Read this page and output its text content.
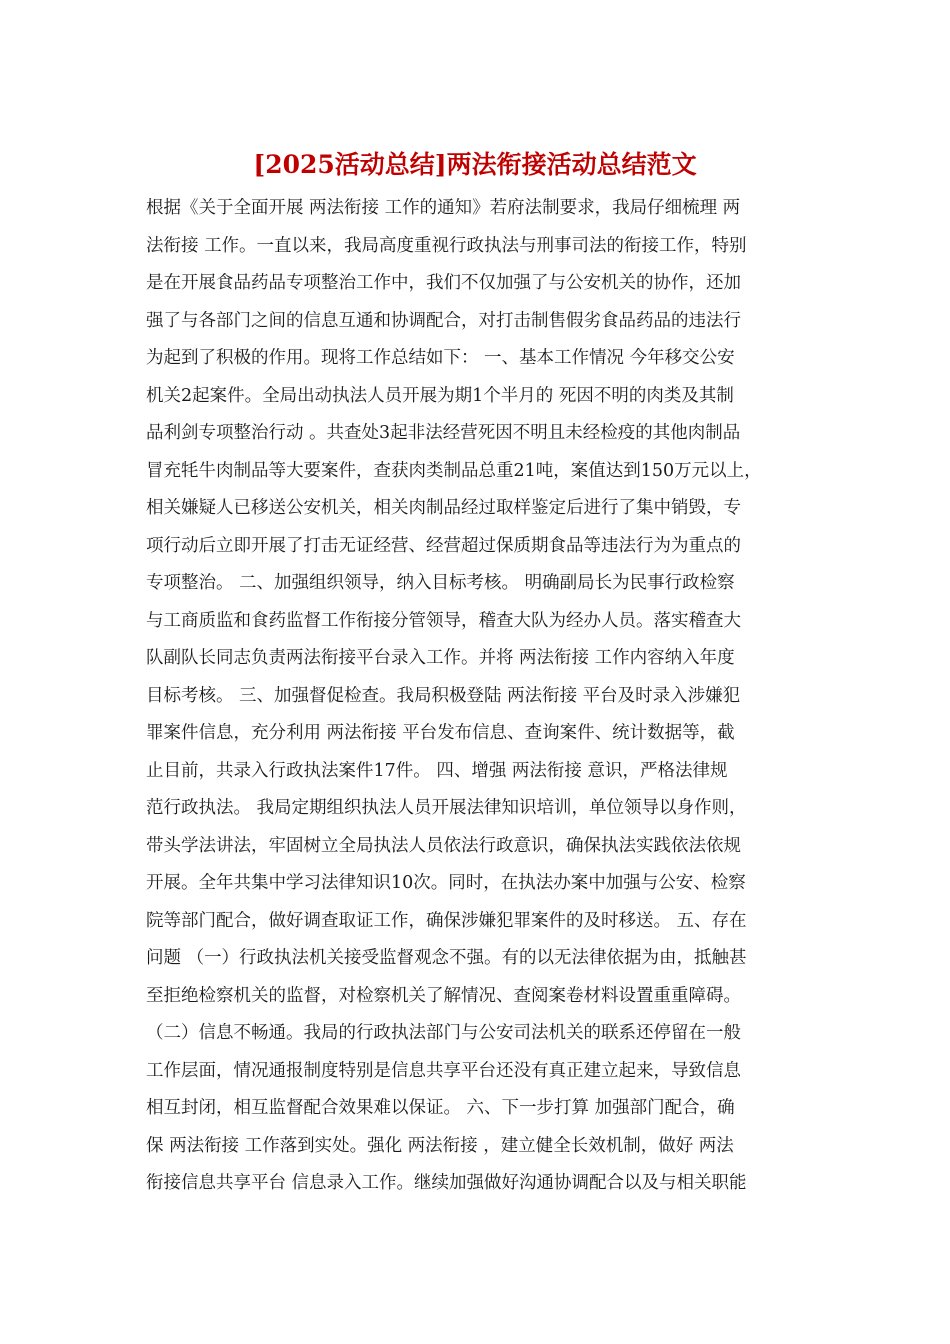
[2025活动总结]两法衔接活动总结范文
根据《关于全面开展 两法衔接 工作的通知》若府法制要求，我局仔细梳理 两
法衔接 工作。一直以来，我局高度重视行政执法与刑事司法的衔接工作，特别
是在开展食品药品专项整治工作中，我们不仅加强了与公安机关的协作，还加
强了与各部门之间的信息互通和协调配合，对打击制售假劣食品药品的违法行
为起到了积极的作用。现将工作总结如下： 一、基本工作情况 今年移交公安
机关2起案件。全局出动执法人员开展为期1个半月的 死因不明的肉类及其制
品利剑专项整治行动 。共查处3起非法经营死因不明且未经检疫的其他肉制品
冒充牦牛肉制品等大要案件，查获肉类制品总重21吨，案值达到150万元以上，
相关嫌疑人已移送公安机关，相关肉制品经过取样鉴定后进行了集中销毁，专
项行动后立即开展了打击无证经营、经营超过保质期食品等违法行为为重点的
专项整治。 二、加强组织领导，纳入目标考核。 明确副局长为民事行政检察
与工商质监和食药监督工作衔接分管领导，稽查大队为经办人员。落实稽查大
队副队长同志负责两法衔接平台录入工作。并将 两法衔接 工作内容纳入年度
目标考核。 三、加强督促检查。我局积极登陆 两法衔接 平台及时录入涉嫌犯
罪案件信息，充分利用 两法衔接 平台发布信息、查询案件、统计数据等，截
止目前，共录入行政执法案件17件。 四、增强 两法衔接 意识，严格法律规
范行政执法。 我局定期组织执法人员开展法律知识培训，单位领导以身作则，
带头学法讲法，牢固树立全局执法人员依法行政意识，确保执法实践依法依规
开展。全年共集中学习法律知识10次。同时，在执法办案中加强与公安、检察
院等部门配合，做好调查取证工作，确保涉嫌犯罪案件的及时移送。 五、存在
问题 （一）行政执法机关接受监督观念不强。有的以无法律依据为由，抵触甚
至拒绝检察机关的监督，对检察机关了解情况、查阅案卷材料设置重重障碍。
（二）信息不畅通。我局的行政执法部门与公安司法机关的联系还停留在一般
工作层面，情况通报制度特别是信息共享平台还没有真正建立起来，导致信息
相互封闭，相互监督配合效果难以保证。 六、下一步打算 加强部门配合，确
保 两法衔接 工作落到实处。强化 两法衔接 ，建立健全长效机制，做好 两法
衔接信息共享平台 信息录入工作。继续加强做好沟通协调配合以及与相关职能
